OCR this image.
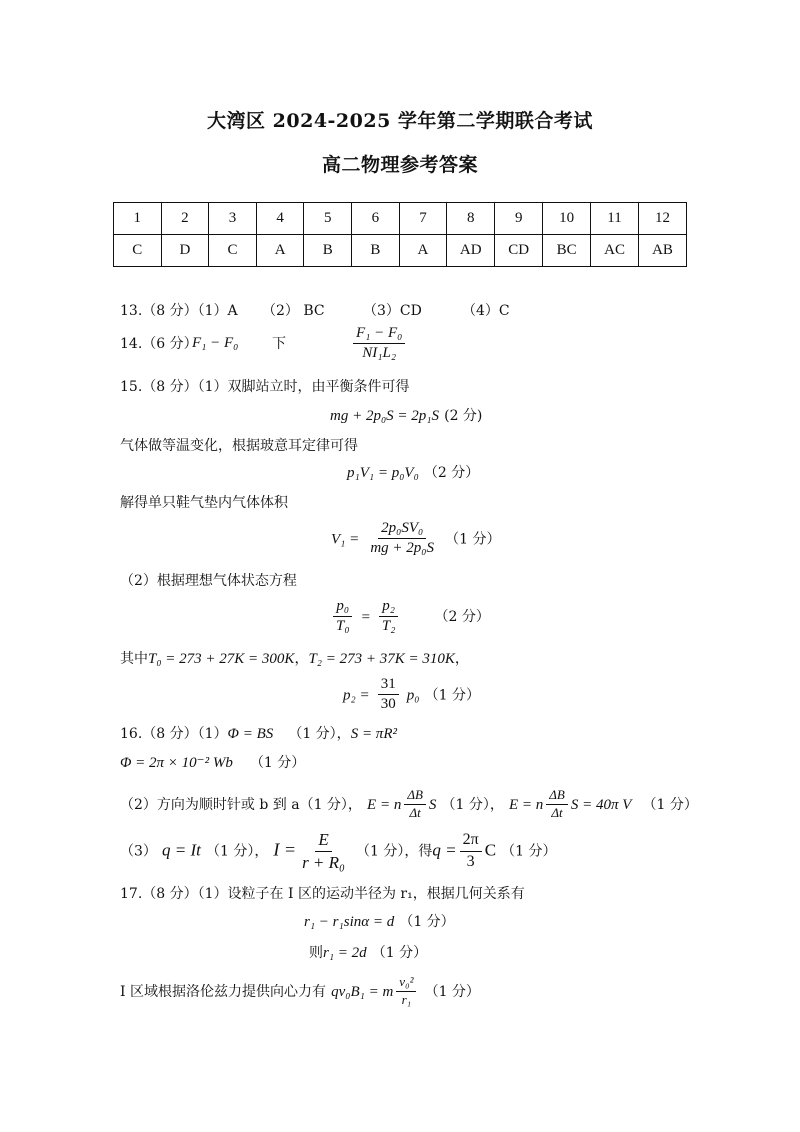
大湾区 2024-2025 学年第二学期联合考试
高二物理参考答案
1	2	3	4	5	6	7	8	9	10	11	12
C	D	C	A	B	B	A	AD	CD	BC	AC	AB
13.（8 分）（1）A （2） BC	（3）CD	（4）C
14.（6 分）
F₁ − F₀ 下	$\frac{\text{F₁ − F₀}}{\text{NI₁L₂}}$
15.（8 分）（1）双脚站立时，由平衡条件可得
mg + 2p₀S = 2p₁S (2 分)
气体做等温变化，根据玻意耳定律可得
p₁V₁ = p₀V₀ （2 分）
解得单只鞋气垫内气体体积
$V_1 = \frac{\text{2p₀SV₀}}{\text{mg + 2p₀S}} (1$ 分）
（2）根据理想气体状态方程
$\frac{\text{p₀}}{\text{T₀}} = \frac{\text{p₂}}{\text{T₂}}$	（2 分）
其中T₀ = 273 + 27K = 300K，T₂ = 273 + 37K = 310K，
$p_2 = \frac{31}{30} p_0$ （1 分）
16.（8 分）（1）Φ = BS （1 分），S = πR²
Φ = 2π × 10⁻² Wb （1 分）
（2）方向为顺时针或 b 到 a（1 分）， E = n $\frac{\Delta B}{\Delta t}$ S （1 分）， E = n $\frac{\Delta B}{\Delta t}$ S = 40π V （1 分）
（3） q = It （1 分）， $I = \frac{E}{\text{r + R₀}} (1$ 分），得$q = \frac{2\pi}{3}$ C （1 分）
17.（8 分）（1）设粒子在 I 区的运动半径为 r₁，根据几何关系有
r₁ − r₁sinα = d （1 分）
则r₁ = 2d （1 分）
I 区域根据洛伦兹力提供向心力有 qv₀B₁ = m $\frac{\text{v₀²}}{\text{r₁}} (1$ 分）
